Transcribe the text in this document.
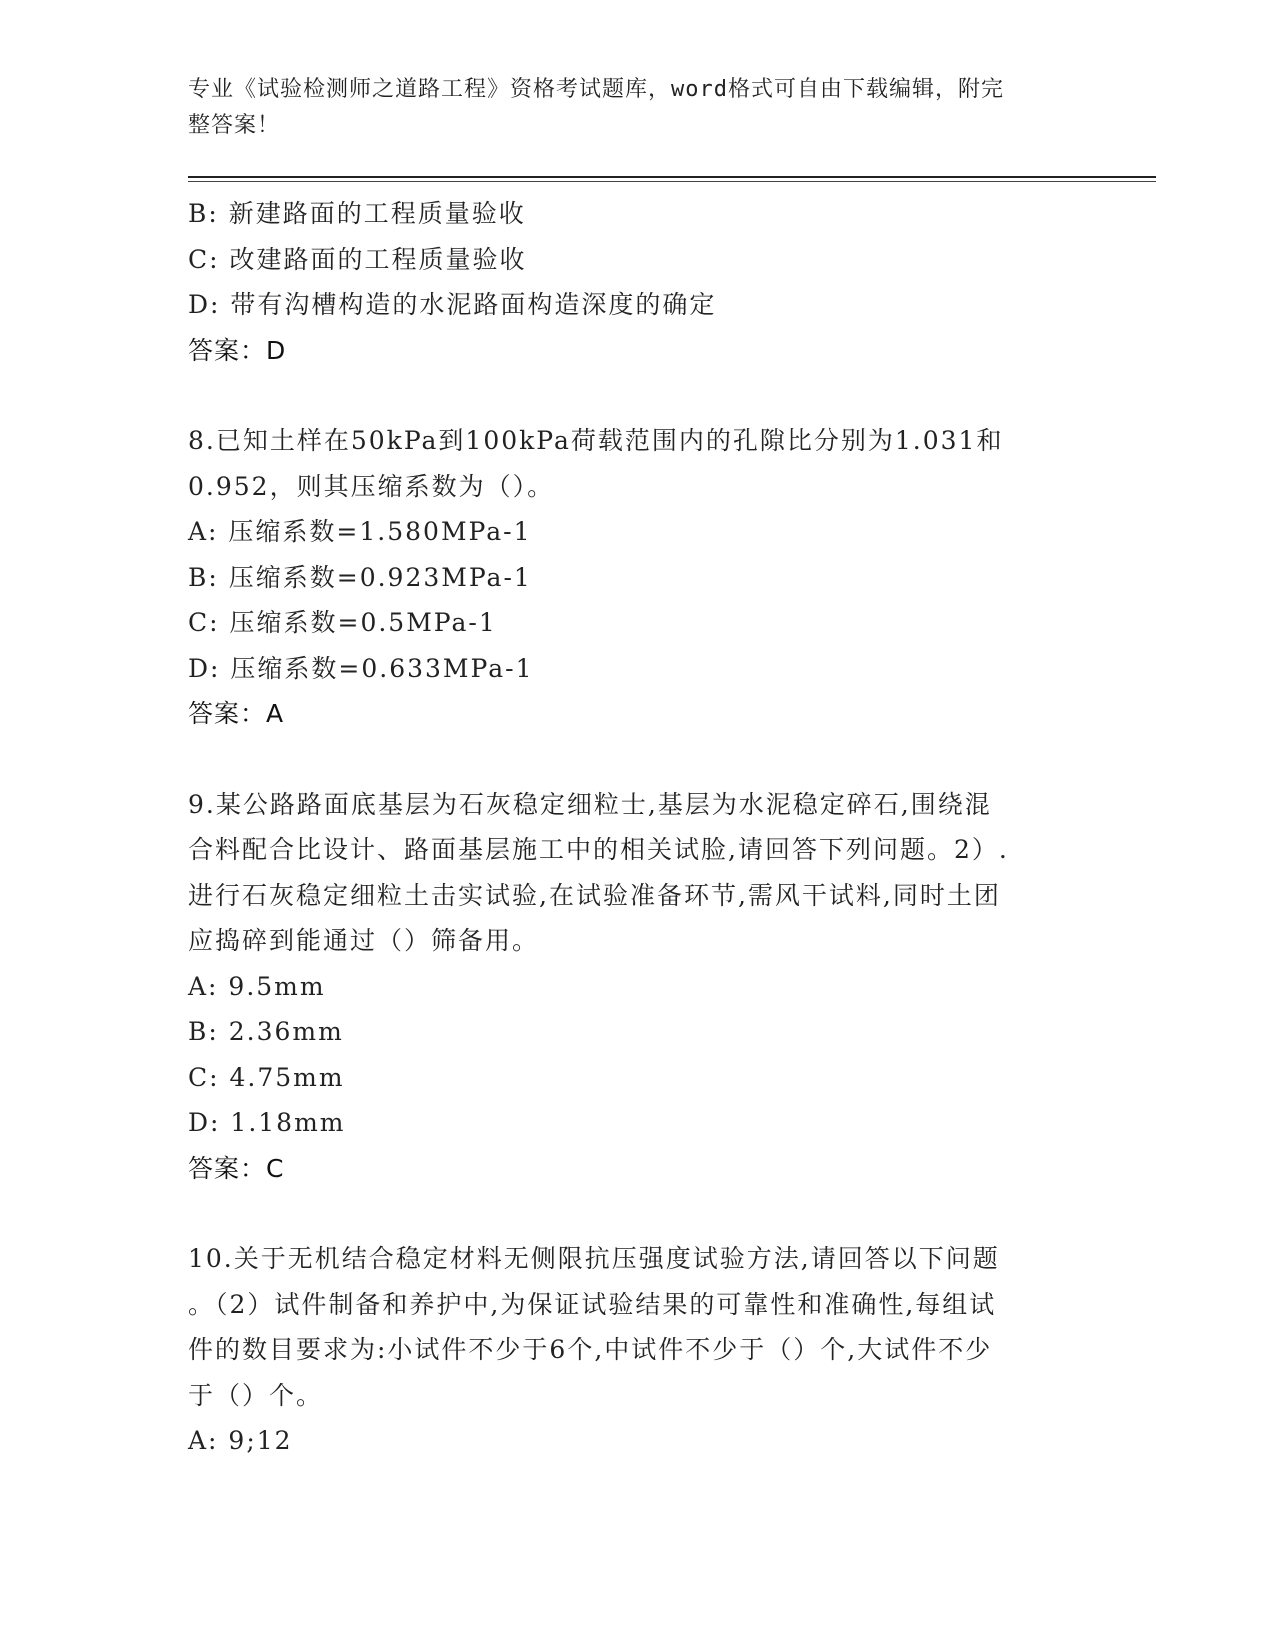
专业《试验检测师之道路工程》资格考试题库，word格式可自由下载编辑，附完
整答案！
B: 新建路面的工程质量验收
C: 改建路面的工程质量验收
D: 带有沟槽构造的水泥路面构造深度的确定
答案：D
8.已知土样在50kPa到100kPa荷载范围内的孔隙比分别为1.031和
0.952，则其压缩系数为（）。
A: 压缩系数=1.580MPa-1
B: 压缩系数=0.923MPa-1
C: 压缩系数=0.5MPa-1
D: 压缩系数=0.633MPa-1
答案：A
9.某公路路面底基层为石灰稳定细粒士,基层为水泥稳定碎石,围绕混
合料配合比设计、路面基层施工中的相关试脸,请回答下列问题。2）.
进行石灰稳定细粒土击实试验,在试验准备环节,需风干试料,同时土团
应捣碎到能通过（）筛备用。
A: 9.5mm
B: 2.36mm
C: 4.75mm
D: 1.18mm
答案：C
10.关于无机结合稳定材料无侧限抗压强度试验方法,请回答以下问题
。（2）试件制备和养护中,为保证试验结果的可靠性和准确性,每组试
件的数目要求为:小试件不少于6个,中试件不少于（）个,大试件不少
于（）个。
A: 9;12
